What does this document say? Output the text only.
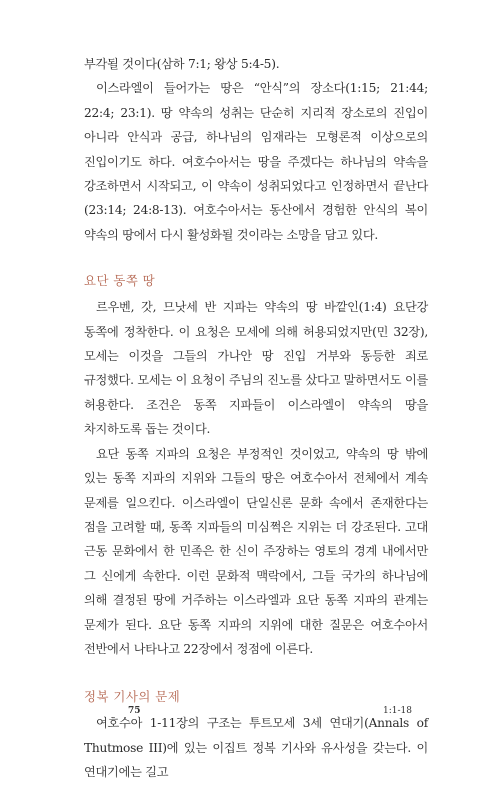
부각될 것이다(삼하 7:1; 왕상 5:4-5).

이스라엘이 들어가는 땅은 “안식”의 장소다(1:15; 21:44; 22:4; 23:1). 땅 약속의 성취는 단순히 지리적 장소로의 진입이 아니라 안식과 공급, 하나님의 임재라는 모형론적 이상으로의 진입이기도 하다. 여호수아서는 땅을 주겠다는 하나님의 약속을 강조하면서 시작되고, 이 약속이 성취되었다고 인정하면서 끝난다(23:14; 24:8-13). 여호수아서는 동산에서 경험한 안식의 복이 약속의 땅에서 다시 활성화될 것이라는 소망을 담고 있다.

요단 동쪽 땅

르우벤, 갓, 므낫세 반 지파는 약속의 땅 바깥인(1:4) 요단강 동쪽에 정착한다. 이 요청은 모세에 의해 허용되었지만(민 32장), 모세는 이것을 그들의 가나안 땅 진입 거부와 동등한 죄로 규정했다. 모세는 이 요청이 주님의 진노를 샀다고 말하면서도 이를 허용한다. 조건은 동쪽 지파들이 이스라엘이 약속의 땅을 차지하도록 돕는 것이다.

요단 동쪽 지파의 요청은 부정적인 것이었고, 약속의 땅 밖에 있는 동쪽 지파의 지위와 그들의 땅은 여호수아서 전체에서 계속 문제를 일으킨다. 이스라엘이 단일신론 문화 속에서 존재한다는 점을 고려할 때, 동쪽 지파들의 미심쩍은 지위는 더 강조된다. 고대 근동 문화에서 한 민족은 한 신이 주장하는 영토의 경계 내에서만 그 신에게 속한다. 이런 문화적 맥락에서, 그들 국가의 하나님에 의해 결정된 땅에 거주하는 이스라엘과 요단 동쪽 지파의 관계는 문제가 된다. 요단 동쪽 지파의 지위에 대한 질문은 여호수아서 전반에서 나타나고 22장에서 정점에 이른다.

정복 기사의 문제

여호수아 1-11장의 구조는 투트모세 3세 연대기(Annals of Thutmose III)에 있는 이집트 정복 기사와 유사성을 갖는다. 이 연대기에는 길고

75	1:1-18
